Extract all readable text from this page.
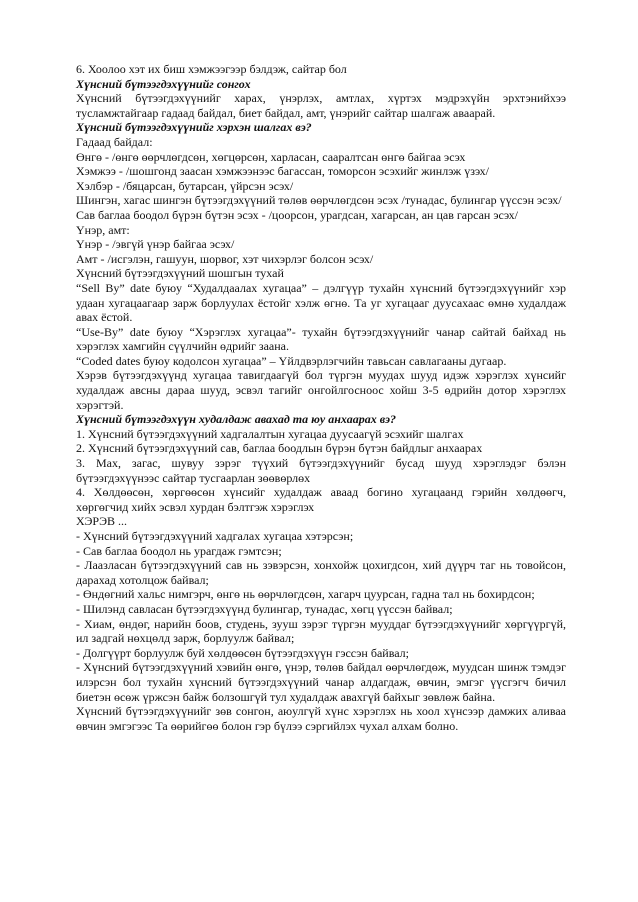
6. Хоолоо хэт их биш хэмжээгээр бэлдэж, сайтар бол

Хүнсний бүтээгдэхүүнийг сонгох

Хүнсний бүтээгдэхүүнийг харах, үнэрлэх, амтлах, хүртэх мэдрэхүйн эрхтэнийхээ тусламжтайгаар гадаад байдал, биет байдал, амт, үнэрийг сайтар шалгаж аваарай.

Хүнсний бүтээгдэхүүнийг хэрхэн шалгах вэ?

Гадаад байдал:

Өнгө - /өнгө өөрчлөгдсөн, хөгцөрсөн, харласан, саарaлтсан өнгө байгаа эсэх

Хэмжээ - /шошгонд заасан хэмжээнээс багассан, томорсон эсэхийг жинлэж үзэх/

Хэлбэр - /бяцарсан, бутарсан, үйрсэн эсэх/

Шингэн, хагас шингэн бүтээгдэхүүний төлөв өөрчлөгдсөн эсэх /тунадас, булингар үүссэн эсэх/

Сав баглаа боодол бүрэн бүтэн эсэх - /цоорсон, урагдсан, хагарсан, ан цав гарсан эсэх/

Үнэр, амт:

Үнэр - /эвгүй үнэр байгаа эсэх/

Амт - /исгэлэн, гашуун, шорвог, хэт чихэрлэг болсон эсэх/

Хүнсний бүтээгдэхүүний шошгын тухай

“Sell By” date буюу “Худалдаалах хугацаа” – дэлгүүр тухайн хүнсний бүтээгдэхүүнийг хэр удаан хугацаагаар зарж борлуулах ёстойг хэлж өгнө. Та уг хугацааг дуусахаас өмнө худалдаж авах ёстой.

“Use-By” date буюу “Хэрэглэх хугацаа”- тухайн бүтээгдэхүүнийг чанар сайтай байхад нь хэрэглэх хамгийн сүүлчийн өдрийг заана.

“Coded dates буюу кодолсон хугацаа” – Үйлдвэрлэгчийн тавьсан савлагааны дугаар.

Хэрэв бүтээгдэхүүнд хугацаа тавигдаагүй бол түргэн муудах шууд идэж хэрэглэх хүнсийг худалдаж авсны дараа шууд, эсвэл тагийг онгойлгосноос хойш 3-5 өдрийн дотор хэрэглэх хэрэгтэй.

Хүнсний бүтээгдэхүүн худалдаж авахад та юу анхаарах вэ?

1. Хүнсний бүтээгдэхүүний хадгалалтын хугацаа дуусаагүй эсэхийг шалгах

2. Хүнсний бүтээгдэхүүний сав, баглаа боодлын бүрэн бүтэн байдлыг анхаарах

3. Мах, загас, шувуу зэрэг түүхий бүтээгдэхүүнийг бусад шууд хэрэглэдэг бэлэн бүтээгдэхүүнээс сайтар тусгаарлан зөөвөрлөх

4. Хөлдөөсөн, хөргөөсөн хүнсийг худалдаж аваад богино хугацаанд гэрийн хөлдөөгч, хөргөгчид хийх эсвэл хурдан бэлтгэж хэрэглэх

ХЭРЭВ ...

- Хүнсний бүтээгдэхүүний хадгалах хугацаа хэтэрсэн;

- Сав баглаа боодол нь урагдаж гэмтсэн;

- Лаазласан бүтээгдэхүүний сав нь зэвэрсэн, хонхойж цохигдсон, хий дүүрч таг нь товойсон, дарахад хотолцож байвал;

- Өндөгний хальс нимгэрч, өнгө нь өөрчлөгдсөн, хагарч цуурсан, гадна тал нь бохирдсон;

- Шилэнд савласан бүтээгдэхүүнд булингар, тунадас, хөгц үүссэн байвал;

- Хиам, өндөг, нарийн боов, студень, зууш зэрэг түргэн мууддаг бүтээгдэхүүнийг хөргүүргүй, ил задгай нөхцөлд зарж, борлуулж байвал;

- Долгүүрт борлуулж буй хөлдөөсөн бүтээгдэхүүн гэссэн байвал;

- Хүнсний бүтээгдэхүүний хэвийн өнгө, үнэр, төлөв байдал өөрчлөгдөж, муудсан шинж тэмдэг илэрсэн бол тухайн хүнсний бүтээгдэхүүний чанар алдагдаж, өвчин, эмгэг үүсгэгч бичил биетэн өсөж үржсэн байж болзошгүй тул худалдаж авахгүй байхыг зөвлөж байна.

Хүнсний бүтээгдэхүүнийг зөв сонгон, аюулгүй хүнс хэрэглэх нь хоол хүнсээр дамжих аливаа өвчин эмгэгээс Та өөрийгөө болон гэр бүлээ сэргийлэх чухал алхам болно.
